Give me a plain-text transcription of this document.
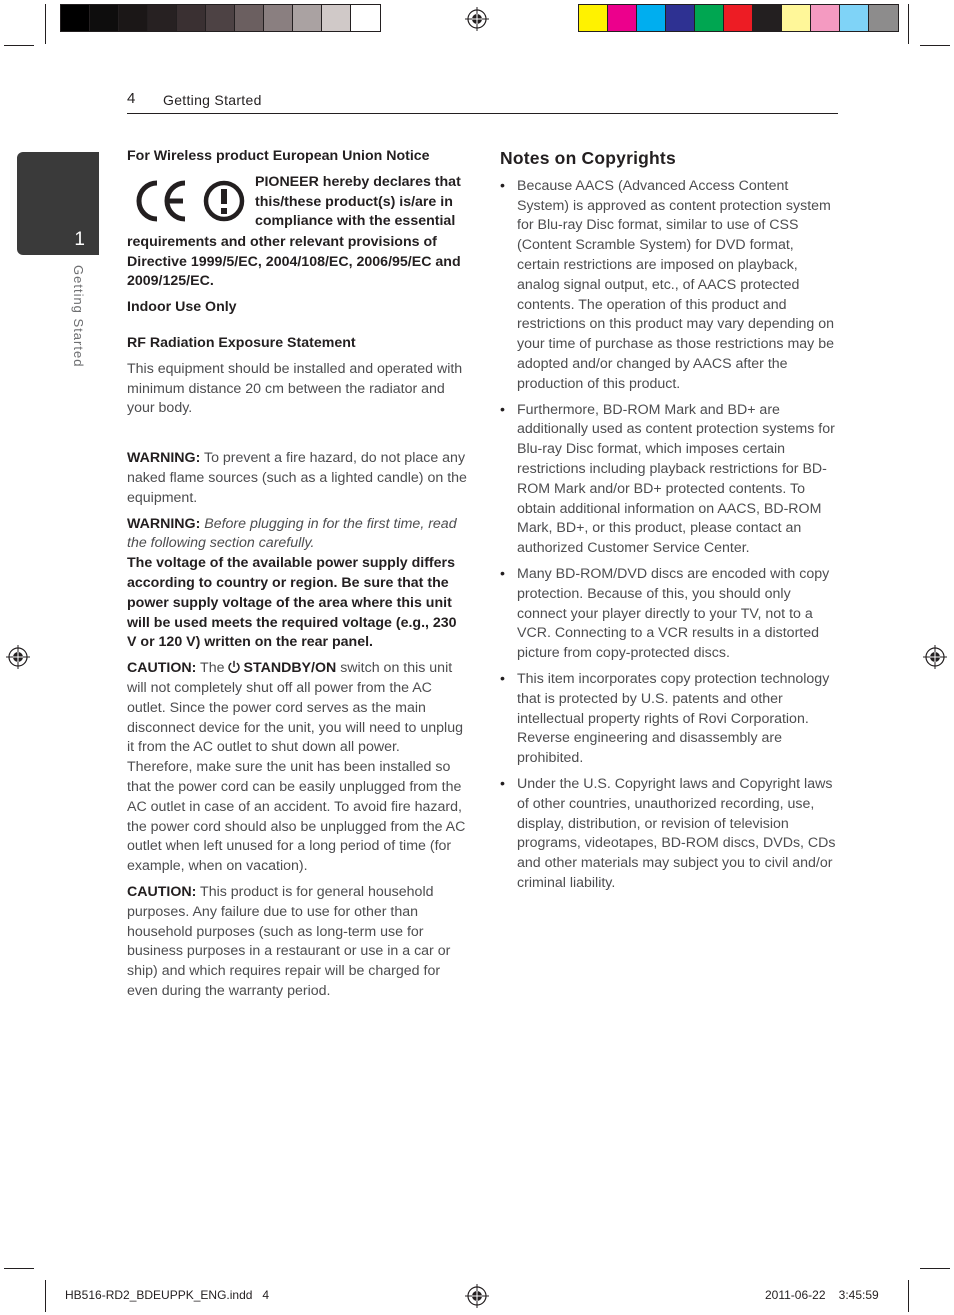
4 Getting Started
1
Getting Started

For Wireless product European Union Notice

PIONEER hereby declares that this/these product(s) is/are in compliance with the essential
requirements and other relevant provisions of Directive 1999/5/EC, 2004/108/EC, 2006/95/EC and 2009/125/EC.

Indoor Use Only

RF Radiation Exposure Statement

This equipment should be installed and operated with minimum distance 20 cm between the radiator and your body.

WARNING: To prevent a fire hazard, do not place any naked flame sources (such as a lighted candle) on the equipment.

WARNING: Before plugging in for the first time, read the following section carefully.

The voltage of the available power supply differs according to country or region. Be sure that the power supply voltage of the area where this unit will be used meets the required voltage (e.g., 230 V or 120 V) written on the rear panel.

CAUTION: The STANDBY/ON switch on this unit will not completely shut off all power from the AC outlet. Since the power cord serves as the main disconnect device for the unit, you will need to unplug it from the AC outlet to shut down all power. Therefore, make sure the unit has been installed so that the power cord can be easily unplugged from the AC outlet in case of an accident. To avoid fire hazard, the power cord should also be unplugged from the AC outlet when left unused for a long period of time (for example, when on vacation).

CAUTION: This product is for general household purposes. Any failure due to use for other than household purposes (such as long-term use for business purposes in a restaurant or use in a car or ship) and which requires repair will be charged for even during the warranty period.

Notes on Copyrights
• Because AACS (Advanced Access Content System) is approved as content protection system for Blu-ray Disc format, similar to use of CSS (Content Scramble System) for DVD format, certain restrictions are imposed on playback, analog signal output, etc., of AACS protected contents. The operation of this product and restrictions on this product may vary depending on your time of purchase as those restrictions may be adopted and/or changed by AACS after the production of this product.
• Furthermore, BD-ROM Mark and BD+ are additionally used as content protection systems for Blu-ray Disc format, which imposes certain restrictions including playback restrictions for BD-ROM Mark and/or BD+ protected contents. To obtain additional information on AACS, BD-ROM Mark, BD+, or this product, please contact an authorized Customer Service Center.
• Many BD-ROM/DVD discs are encoded with copy protection. Because of this, you should only connect your player directly to your TV, not to a VCR. Connecting to a VCR results in a distorted picture from copy-protected discs.
• This item incorporates copy protection technology that is protected by U.S. patents and other intellectual property rights of Rovi Corporation. Reverse engineering and disassembly are prohibited.
• Under the U.S. Copyright laws and Copyright laws of other countries, unauthorized recording, use, display, distribution, or revision of television programs, videotapes, BD-ROM discs, DVDs, CDs and other materials may subject you to civil and/or criminal liability.
HB516-RD2_BDEUPPK_ENG.indd   4	2011-06-22 3:45:59
